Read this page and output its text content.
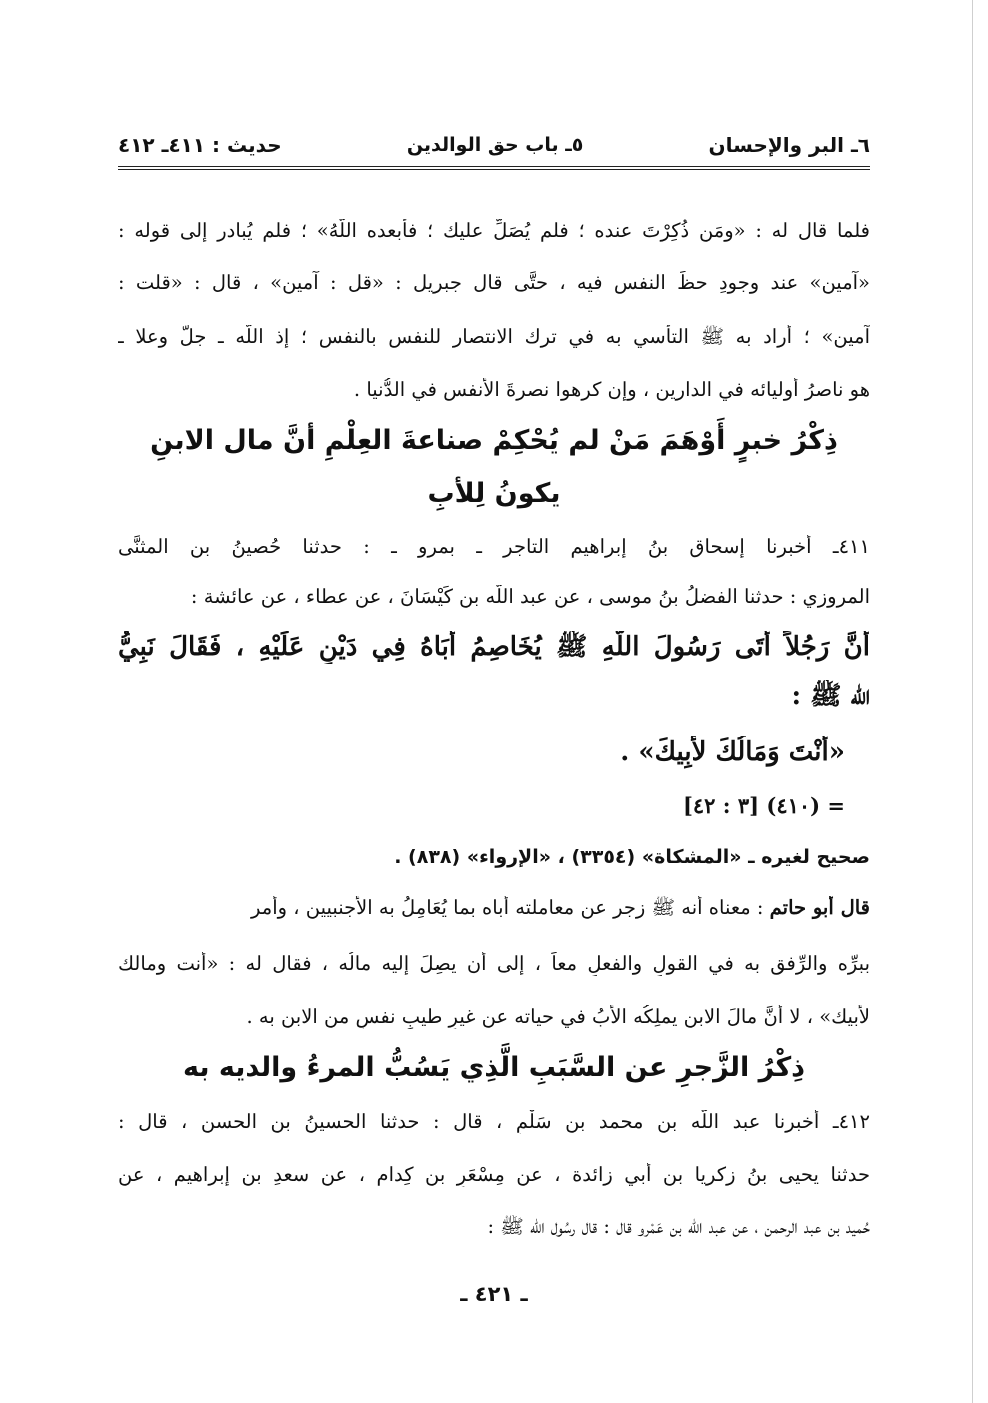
٦ـ البر والإحسان
٥ـ باب حق الوالدين
حديث : ٤١١ـ ٤١٢
فلما قال له : «ومَن ذُكِرْتَ عنده ؛ فلم يُصَلِّ عليك ؛ فأبعده اللّهُ» ؛ فلم يُبادر إلى قوله :
«آمين» عند وجودِ حظِّ النفس فيه ، حتَّى قال جبريل : «قل : آمين» ، قال : «قلت :
آمين» ؛ أراد به ﷺ التأسي به في ترك الانتصار للنفس بالنفس ؛ إذ اللّه ـ جلَّ وعلا ـ
هو ناصرُ أوليائه في الدارين ، وإن كرهوا نصرةَ الأنفس في الدُّنيا .
ذِكْرُ خبرٍ أَوْهَمَ مَنْ لم يُحْكِمْ صناعةَ العِلْمِ أنَّ مال الابنِ
يكونُ لِلأبِ
٤١١ـ أخبرنا إسحاق بنُ إبراهيم التاجر ـ بمرو ـ : حدثنا حُصينُ بن المثنَّى
المروزي : حدثنا الفضلُ بنُ موسى ، عن عبد اللّه بن كَيْسَانَ ، عن عطاء ، عن عائشة :
أنَّ رَجُلاً أَتَى رَسُولَ اللّهِ ﷺ يُخَاصِمُ أَبَاهُ فِي دَيْنٍ عَلَيْهِ ، فَقَالَ نَبِيُّ
اللّه ﷺ :
«أَنْتَ وَمَالُكَ لأَبِيكَ» .
= (٤١٠) [٣ : ٤٢]
صحيح لغيره ـ «المشكاة» (٣٣٥٤) ، «الإرواء» (٨٣٨) .
قال أبو حاتم : معناه أنه ﷺ زجر عن معاملته أباه بما يُعَامِلُ به الأجنبيين ، وأمر
ببرِّه والرِّفقِ به في القولِ والفعلِ معاً ، إلى أن يصِلَ إليه مالُه ، فقال له : «أنت ومالك
لأبيك» ، لا أنَّ مالَ الابن يملِكُه الأبُ في حياته عن غيرِ طيبِ نفسٍ من الابن به .
ذِكْرُ الزَّجرِ عن السَّبَبِ الَّذِي يَسُبُّ المرءُ والديه به
٤١٢ـ أخبرنا عبد اللّه بن محمد بن سَلْمٍ ، قال : حدثنا الحسينُ بن الحسن ، قال :
حدثنا يحيى بنُ زكريا بن أبي زائدة ، عن مِسْعَرِ بن كِدام ، عن سعدِ بن إبراهيم ، عن
حُميد بن عبد الرحمن ، عن عبد اللّه بن عَمْرو قال : قال رسُول اللّه ﷺ :
ـ ٤٢١ ـ
